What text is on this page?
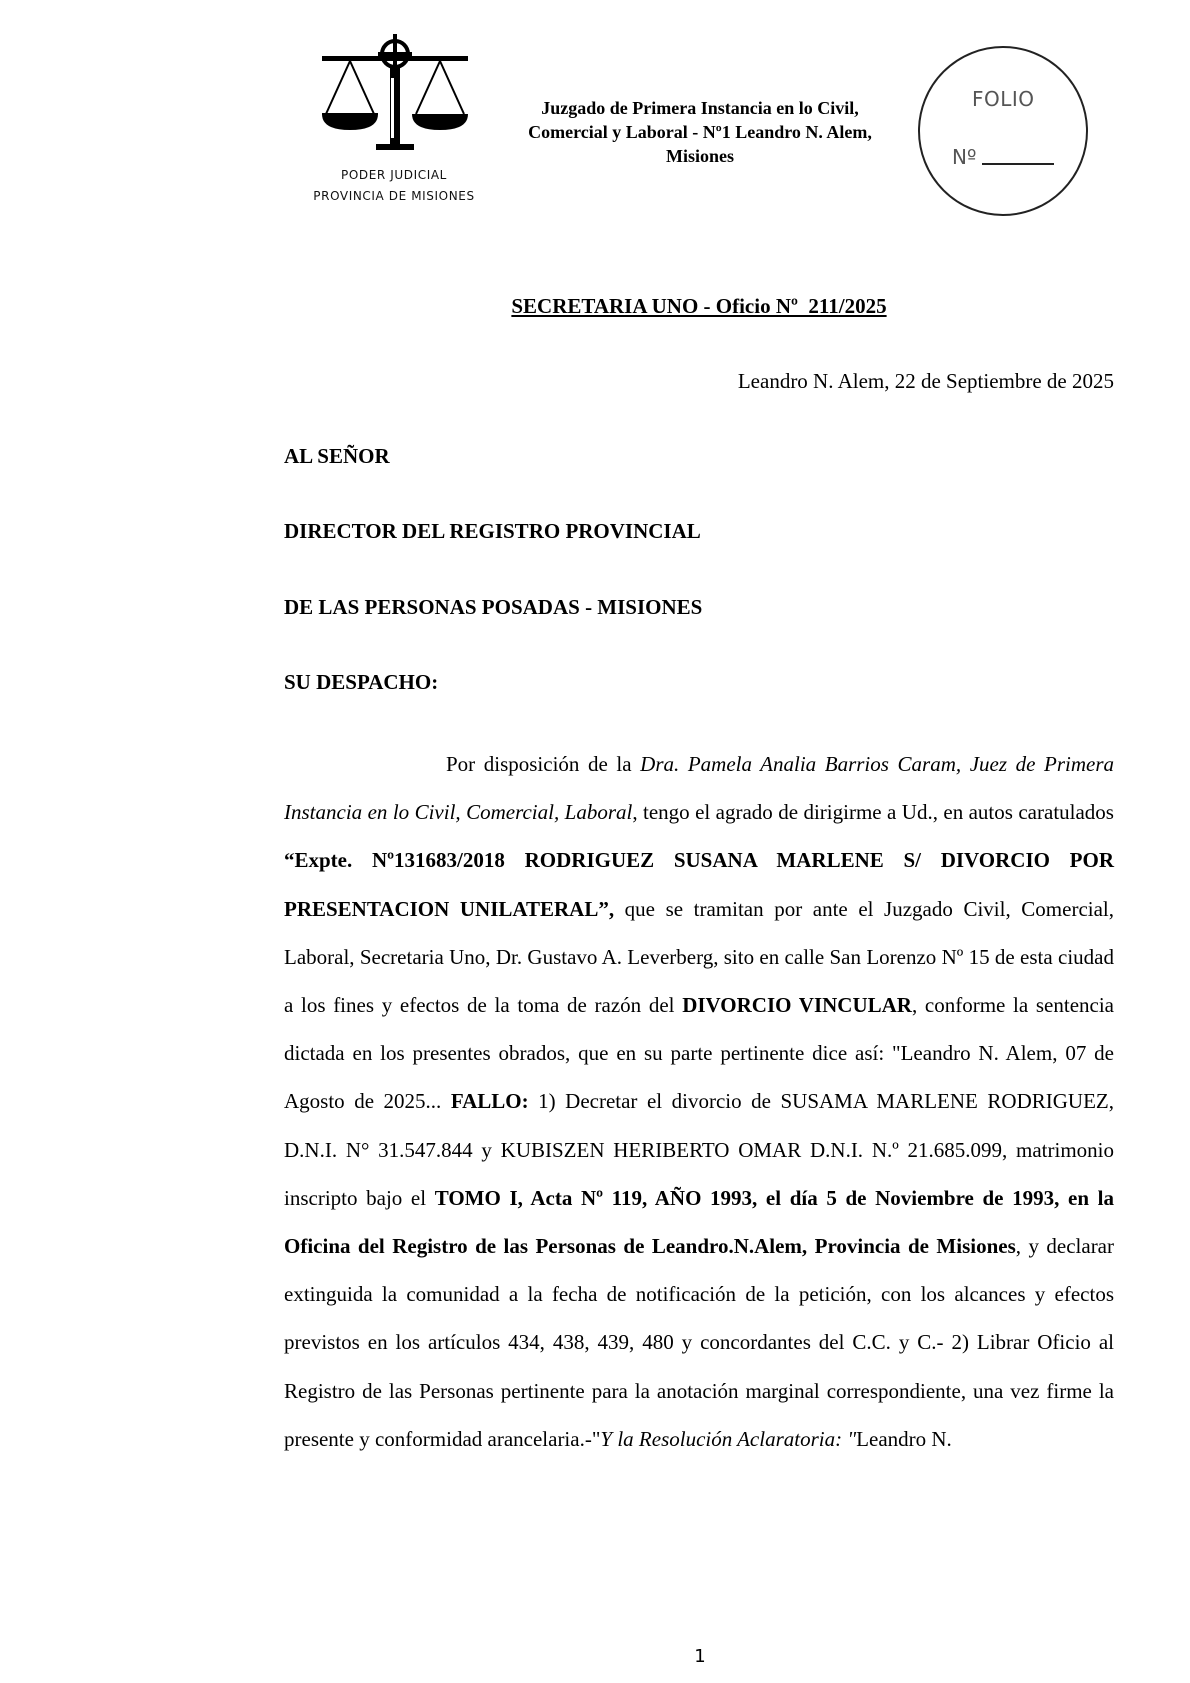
PODER JUDICIAL
PROVINCIA DE MISIONES
Juzgado de Primera Instancia en lo Civil,
Comercial y Laboral - Nº1 Leandro N. Alem,
Misiones
FOLIO
Nº
SECRETARIA UNO - Oficio Nº  211/2025
Leandro N. Alem, 22 de Septiembre de 2025
AL SEÑOR
DIRECTOR DEL REGISTRO PROVINCIAL
DE LAS PERSONAS POSADAS - MISIONES
SU DESPACHO:

Por disposición de la Dra. Pamela Analia Barrios Caram, Juez de Primera Instancia en lo Civil, Comercial, Laboral, tengo el agrado de dirigirme a Ud., en autos caratulados “Expte. Nº131683/2018 RODRIGUEZ SUSANA MARLENE S/ DIVORCIO POR PRESENTACION UNILATERAL”, que se tramitan por ante el Juzgado Civil, Comercial, Laboral, Secretaria Uno, Dr. Gustavo A. Leverberg, sito en calle San Lorenzo Nº 15 de esta ciudad a los fines y efectos de la toma de razón del DIVORCIO VINCULAR, conforme la sentencia dictada en los presentes obrados, que en su parte pertinente dice así: "Leandro N. Alem, 07 de Agosto de 2025... FALLO: 1) Decretar el divorcio de SUSAMA MARLENE RODRIGUEZ, D.N.I. N° 31.547.844 y KUBISZEN HERIBERTO OMAR D.N.I. N.º 21.685.099, matrimonio inscripto bajo el TOMO I, Acta Nº 119, AÑO 1993, el día 5 de Noviembre de 1993, en la Oficina del Registro de las Personas de Leandro.N.Alem, Provincia de Misiones, y declarar extinguida la comunidad a la fecha de notificación de la petición, con los alcances y efectos previstos en los artículos 434, 438, 439, 480 y concordantes del C.C. y C.- 2) Librar Oficio al Registro de las Personas pertinente para la anotación marginal correspondiente, una vez firme la presente y conformidad arancelaria.-"Y la Resolución Aclaratoria: "Leandro N.

1
